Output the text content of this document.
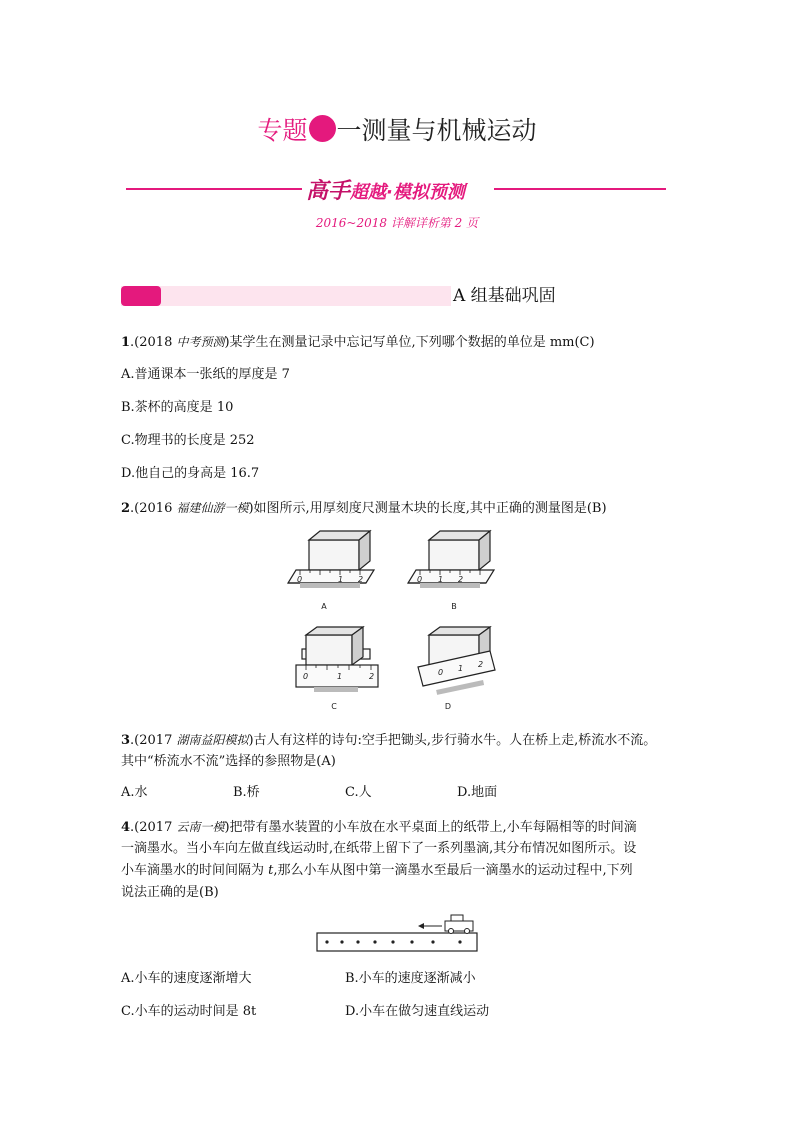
专题 一测量与机械运动
高手超越·模拟预测
2016~2018 详解详析第 2 页
A 组基础巩固
1.(2018 中考预测)某学生在测量记录中忘记写单位,下列哪个数据的单位是 mm(C)
A.普通课本一张纸的厚度是 7
B.茶杯的高度是 10
C.物理书的长度是 252
D.他自己的身高是 16.7
2.(2016 福建仙游一模)如图所示,用厚刻度尺测量木块的长度,其中正确的测量图是(B)
0	1 2	0 1 2
0	1	2	0 1 2
A	B
C	D
3.(2017 湖南益阳模拟)古人有这样的诗句:空手把锄头,步行骑水牛。人在桥上走,桥流水不流。
其中“桥流水不流”选择的参照物是(A)
A.水	B.桥	C.人	D.地面
4.(2017 云南一模)把带有墨水装置的小车放在水平桌面上的纸带上,小车每隔相等的时间滴
一滴墨水。当小车向左做直线运动时,在纸带上留下了一系列墨滴,其分布情况如图所示。设
小车滴墨水的时间间隔为 t,那么小车从图中第一滴墨水至最后一滴墨水的运动过程中,下列
说法正确的是(B)
A.小车的速度逐渐增大	B.小车的速度逐渐减小
C.小车的运动时间是 8t	D.小车在做匀速直线运动
